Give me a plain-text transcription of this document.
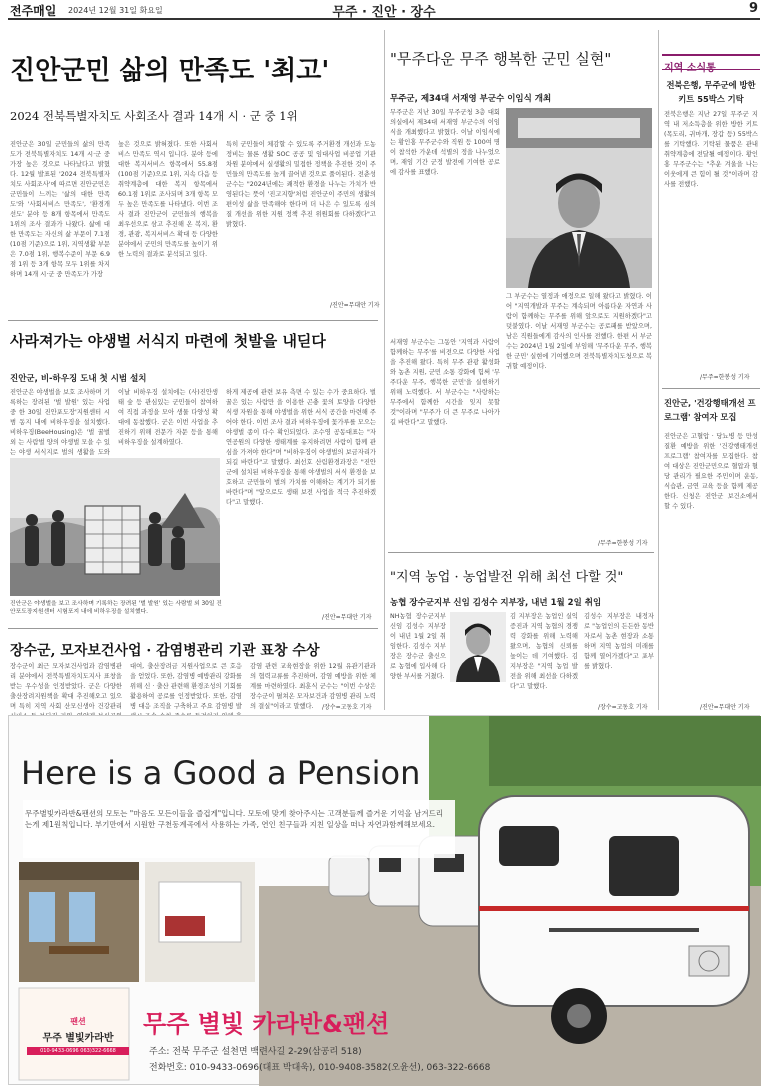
전주매일 2024년 12월 31일 화요일	무주 · 진안 · 장수	9
진안군민 삶의 만족도 '최고'
2024 전북특별자치도 사회조사 결과 14개 시 · 군 중 1위
진안군은 30일 군민들의 삶의 만족도가 전북특별자치도 14개 시·군 중 가장 높은 것으로 나타났다고 밝혔다. 12월 발표된 '2024 전북특별자치도 사회조사'에 따르면 진안군민은 군민들이 느끼는 '삶의 대한 만족도'와 '사회서비스 만족도', '환경개선도' 분야 등 8개 항목에서 만족도 1위의 조사 결과가 나왔다. 삶에 대한 만족도는 자신의 삶 부문이 7.1점(10점 기준)으로 1위, 지역생활 부문은 7.0점 1위, 행복수준이 부문 6.9점 1위 등 3개 항목 모두 1위를 차지하며 14개 시·군 중 만족도가 가장
높은 것으로 밝혀졌다. 또한 사회서비스 만족도 역시 입니다. 분야 등에 대한 복지서비스 항목에서 55.8점(100점 기준)으로 1위, 지속 다음 등 취약계층에 대한 복지 항목에서 60.1점 1위로 조사되며 3개 항목 모두 높은 만족도를 나타냈다. 이번 조사 결과 진안군이 군민들의 행복을 최우선으로 삼고 추진해 온 복지, 환경, 관광, 복지서비스 확대 등 다양한 분야에서 군민의 만족도를 높이기 위한 노력의 결과로 분석되고 있다.
특히 군민들이 체감할 수 있도록 주거환경 개선과 도농 정비는 물론 생활 SOC 공공 및 임대사업 비공업 기관 차원 분야에서 실생활의 밀접한 정책을 추진한 것이 주민들의 만족도를 높게 끌어낸 것으로 풀이된다. 전춘성 군수는 "2024년에는 쾌적한 환경을 나누는 가치가 반영된다는 뜻이 '진고지향'처럼 진안군이 주민의 생활의 편이성 삶을 만족해야 한다며 더 나은 수 있도록 심의 질 개선을 위한 지원 정책 추진 위원회를 다하겠다"고 밝혔다.
/진안=무대안 기자
사라져가는 야생벌 서식지 마련에 첫발을 내딛다
진안군, 비-하우징 도내 첫 시범 설치
진안군은 야생벌을 보호 조사하며 기록하는 장려된 '벌 발원' 있는 사업 중 한 30일 진안포도장'지원센터 시범 동지 내에 비하우징을 설치했다. 비하우징(BeeHousing)은 '벌 꿀벌 외 는 사람벌 양의 야생벌 모을 수 있는 야생 서식지로 벌의 생활을 도와
이날 비하우징 설치에는 (사)진안생태 숲 등 관심있는 군민들이 참여하여 직접 과정을 모아 생물 다양성 확대에 동참했다. 군은 이번 사업을 추진하기 위해 전문가 자문 등을 통해 비하우징을 설계하였다.
하게 제공에 관련 보유 측면 수 있는 수가 중요하다. 벌 꿀은 있는 사람만 을 이용한 곤충 꽃의 토양을 다양한 식생 자원을 통해 야생벌을 위한 서식 공간을 마련해 주어야 한다. 이번 조사 결과 비하우징에 꽃가루를 모으는 야생벌 종이 다수 확인되었다. 조수영 공동대표는 "자연공원의 다양한 생태계를 유지하려면 사람이 함께 관심을 가져야 한다"며 "비하우징이 야생벌의 보금자리가 되길 바란다"고 말했다. 최선호 산림환경과장은 "진안군에 설치된 비하우징을 통해 야생벌의 서식 환경을 보호하고 군민들이 벌의 가치를 이해하는 계기가 되기를 바란다"며 "앞으로도 생태 보전 사업을 적극 추진하겠다"고 말했다.
진안군은 야생벌을 보고 조사하며 기록하는 장려된 '벌 발원' 있는 사람벌 외 30일 진안포도장지원센터 시험포지 내에 비하우징을 설치했다.
/진안=무대안 기자
장수군, 모자보건사업 · 감염병관리 기관 표창 수상
장수군이 최근 모자보건사업과 감염병관리 분야에서 전북특별자치도지사 표창을 받는 우수성을 인정받았다. 군은 다양한 출산장려지원책을 확대 추진해오고 있으며 특히 지역 사회 산모신생아 건강관리
대여, 출산장려금 지원사업으로 큰 호응을 얻었다. 또한, 감염병 예방관리 강화를 위해 신 · 출산 관련해 환경조성의 기회를 활용하여 공로를 인정받았다. 또한, 감염병 대응 조직을 구축하고 주요 감염병 발
감염 관련 교육현장을 위한 12월 유관기관과의 협력교류를 추진하며, 감염 예방을 위한 체계를 마련하였다. 최훈식 군수는 "이번 수상은 장수군이 펼쳐온 모자보건과 감염병 관리 노력의 결실"이라고 말했다.	/장수=고동호 기자
"무주다운 무주 행복한 군민 실현"
무주군, 제34대 서재영 부군수 이임식 개최
무주군은 지난 30일 무주군청 3층 대회의실에서 제34대 서재영 부군수의 이임식을 개최했다고 밝혔다. 이날 이임식에는 황인홍 무주군수와 직원 등 100여 명이 참석한 가운데 석별의 정을 나누었으며, 재임 기간 군정 발전에 기여한 공로에 감사를 표했다.
서재영 부군수는 그동안 '지역과 사람이 함께하는 무주'를 비전으로 다양한 사업을 추진해 왔다. 특히 무주 관광 활성화와 농촌 지원, 군민 소통 강화에 힘써 '무주다운 무주, 행복한 군민'을 실현하기 위해 노력했다. 서 부군수는 "사랑하는 무주에서 함께한 시간을 잊지 못할 것"이라며 "무주가 더 큰 무주로 나아가길 바란다"고 말했다.
그 부군수는 열정과 애정으로 일해 왔다고 밝혔다. 이어 "지역개발과 무주는 계속되며 아름다운 자연과 사람이 함께하는 무주를 위해 앞으로도 지원하겠다"고 덧붙였다. 이날 서재영 부군수는 공로패를 받았으며, 남은 직원들에게 감사의 인사를 전했다. 한편 서 부군수는 2024년 1월 2일에 부임해 '무주다운 무주, 행복한 군민' 실현에 기여했으며 전북특별자치도청으로 복귀할 예정이다.
/무주=한봉성 기자
"지역 농업 · 농업발전 위해 최선 다할 것"
농협 장수군지부 신임 김성수 지부장, 내년 1월 2일 취임
NH농협 장수군지부 신임 김성수 지부장이 내년 1월 2일 취임한다. 김성수 지부장은 장수군 출신으로 농협에 입사해 다양한 부서를 거쳤다.
김 지부장은 농업인 실익 증진과 지역 농협의 경쟁력 강화를 위해 노력해 왔으며, 농협의 신뢰를 높이는 데 기여했다. 김 지부장은 "지역 농업 발전을 위해 최선을 다하겠다"고 말했다.
김성수 지부장은 내정자로 "농업인의 든든한 동반자로서 농촌 현장과 소통하며 지역 농업의 미래를 함께 열어가겠다"고 포부를 밝혔다.
/장수=고동호 기자
지역 소식통
전북은행, 무주군에 방한키트 55박스 기탁
전북은행은 지난 27일 무주군 지역 내 저소득층을 위한 방한 키트(목도리, 귀마개, 장갑 등) 55박스를 기탁했다. 기탁된 물품은 관내 취약계층에 전달될 예정이다. 황인홍 무주군수는 "추운 겨울을 나는 이웃에게 큰 힘이 될 것"이라며 감사를 전했다.
/무주=한봉성 기자
진안군, '건강행태개선 프로그램' 참여자 모집
진안군은 고혈압 · 당뇨병 등 만성질환 예방을 위한 '건강행태개선 프로그램' 참여자를 모집한다. 참여 대상은 진안군민으로 혈압과 혈당 관리가 필요한 주민이며 운동, 식습관, 금연 교육 등을 함께 제공한다. 신청은 진안군 보건소에서 할 수 있다.
/진안=무대안 기자
Here is a Good a Pension
무주별빛카라반&팬션의 모토는 "마음도 모든이들을 즐겁게"입니다. 모토에 맞게 찾아주시는 고객분들께 즐거운 기억을 남겨드리는게 제1원칙입니다. 부기만에서 시원한 구천동계곡에서 사용하는 가족, 연인 친구들과 지친 일상을 떠나 자연과함께해보세요.
팬션
무주 별빛카라반
010-9433-0696 063)322-6668
무주 별빛 카라반&팬션
주소: 전북 무주군 설천면 백련사길 2-29(삼공리 518)
전화번호: 010-9433-0696(대표 박대욱), 010-9408-3582(오윤선), 063-322-6668
